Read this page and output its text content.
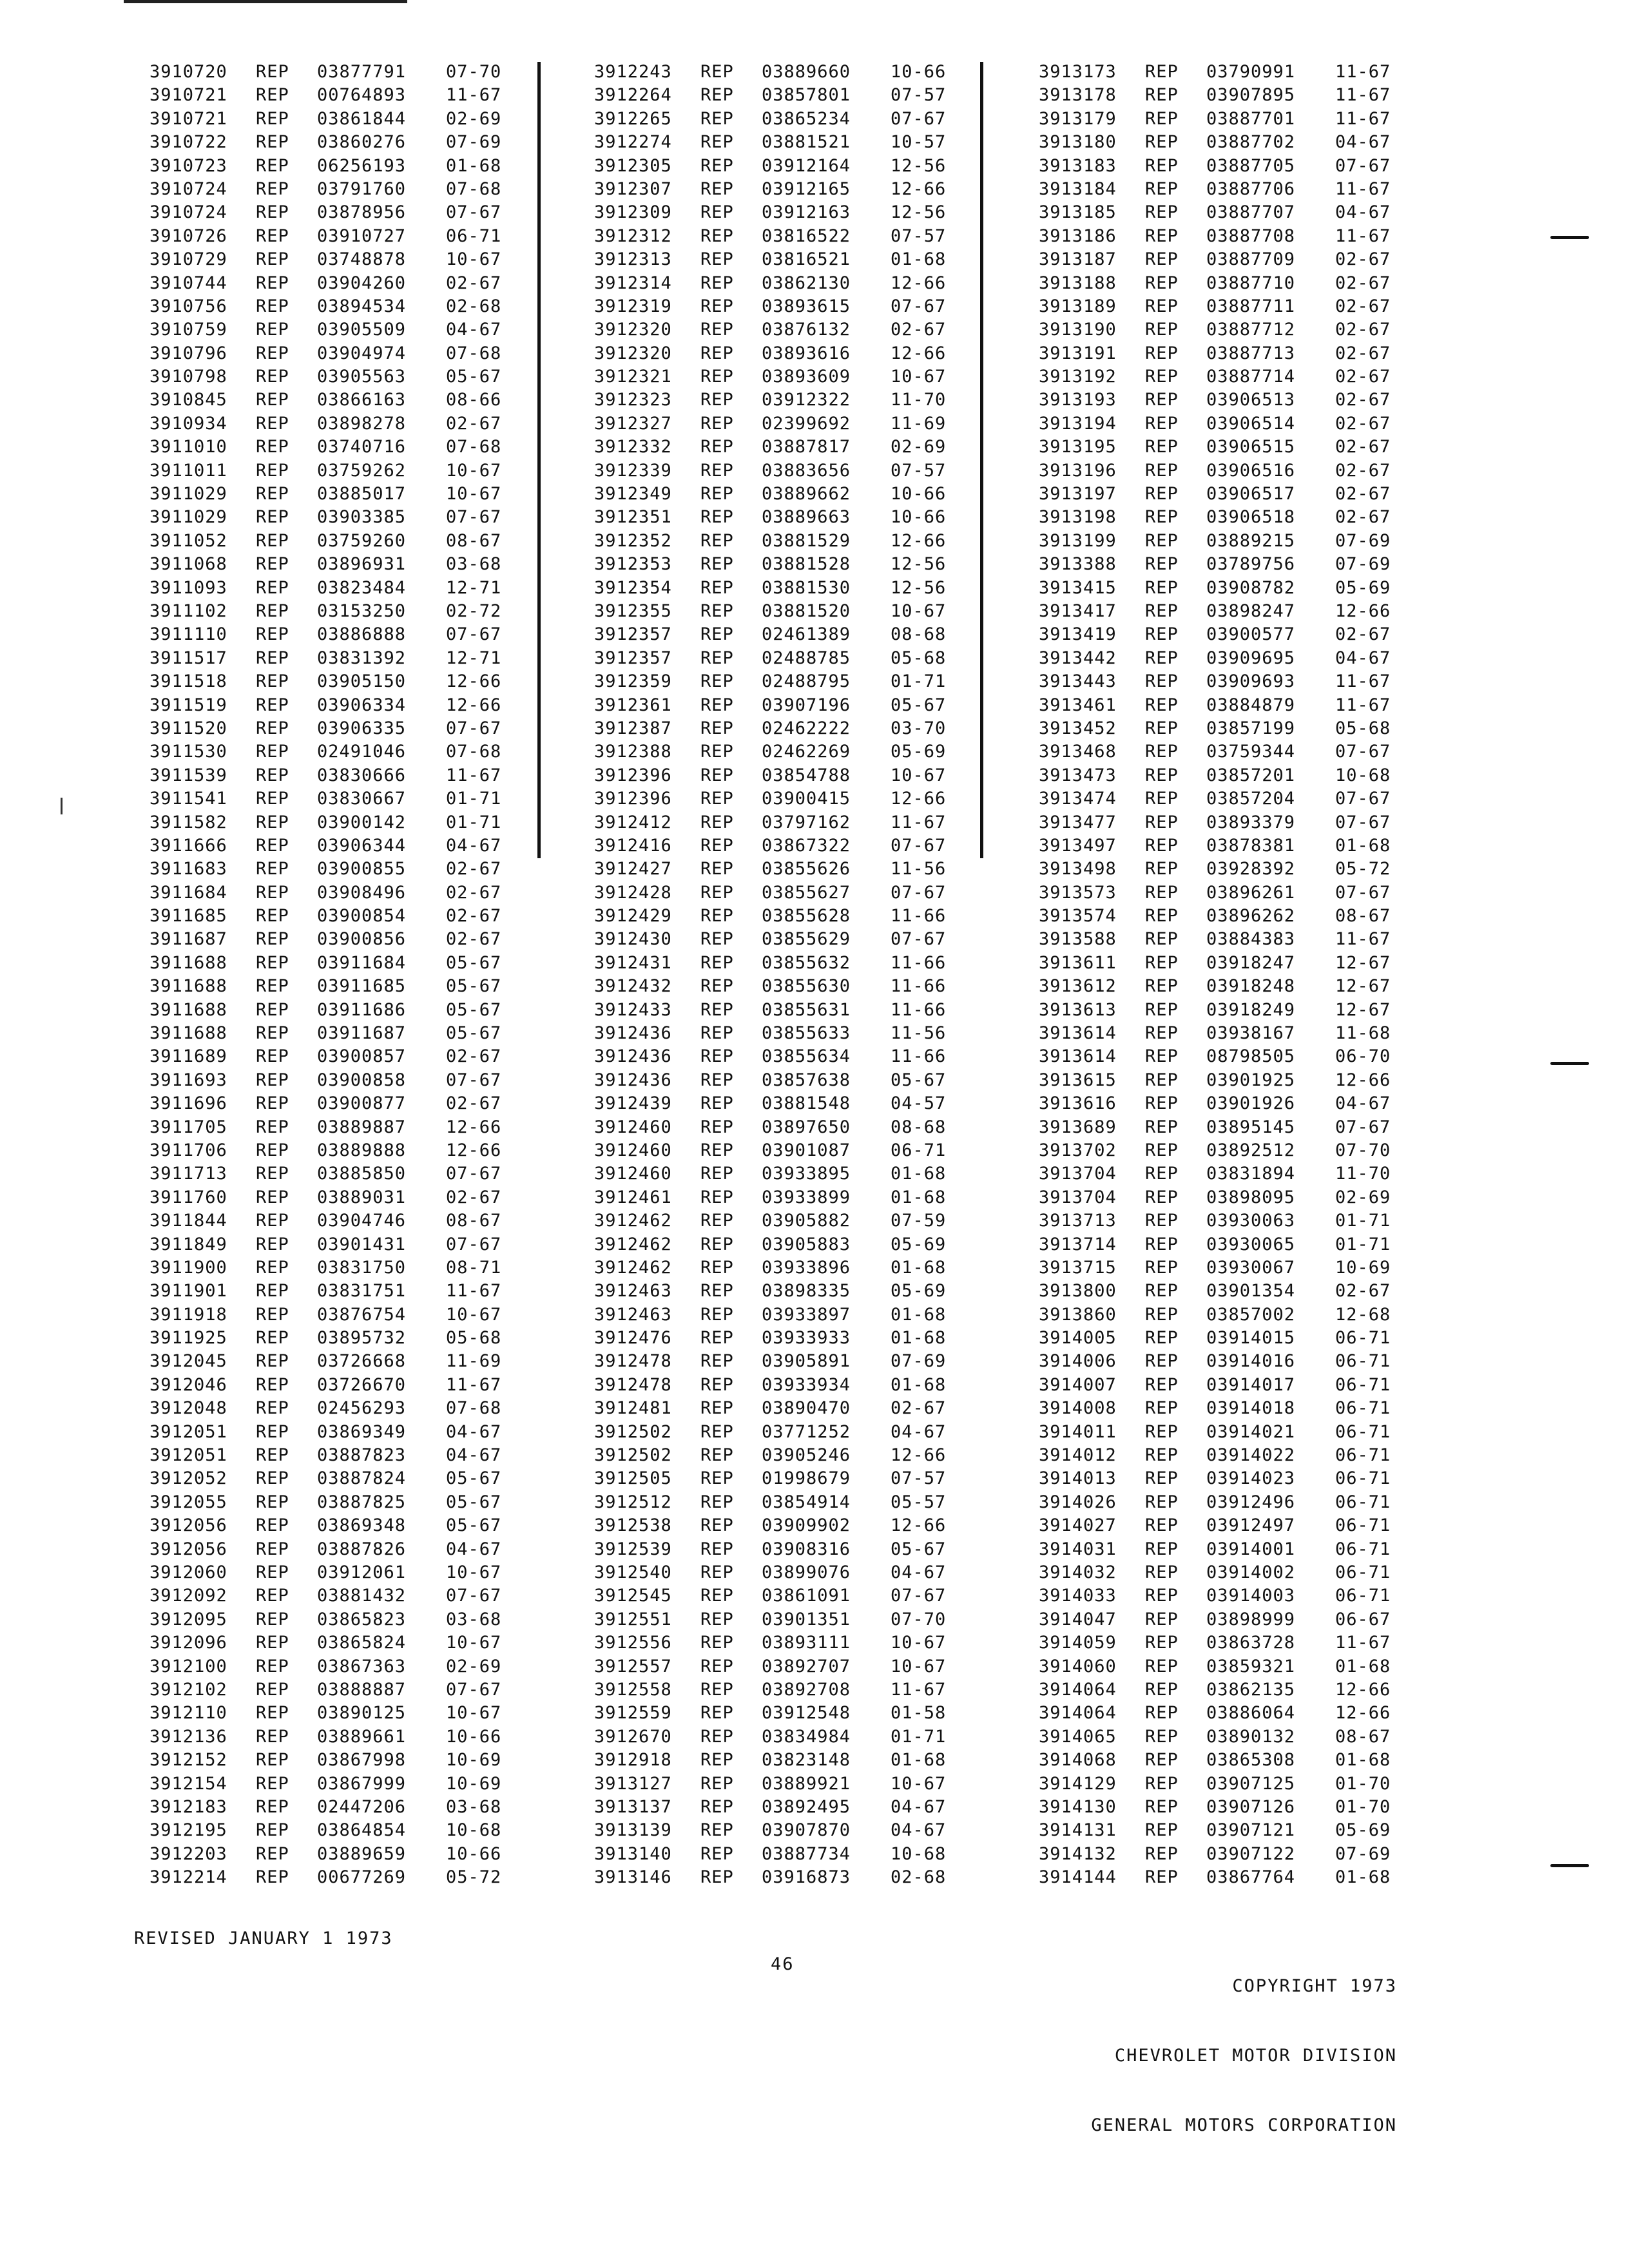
3910720 REP 03877791 07-70
3910721 REP 00764893 11-67
3910721 REP 03861844 02-69
3910722 REP 03860276 07-69
3910723 REP 06256193 01-68
3910724 REP 03791760 07-68
3910724 REP 03878956 07-67
3910726 REP 03910727 06-71
3910729 REP 03748878 10-67
3910744 REP 03904260 02-67
3910756 REP 03894534 02-68
3910759 REP 03905509 04-67
3910796 REP 03904974 07-68
3910798 REP 03905563 05-67
3910845 REP 03866163 08-66
3910934 REP 03898278 02-67
3911010 REP 03740716 07-68
3911011 REP 03759262 10-67
3911029 REP 03885017 10-67
3911029 REP 03903385 07-67
3911052 REP 03759260 08-67
3911068 REP 03896931 03-68
3911093 REP 03823484 12-71
3911102 REP 03153250 02-72
3911110 REP 03886888 07-67
3911517 REP 03831392 12-71
3911518 REP 03905150 12-66
3911519 REP 03906334 12-66
3911520 REP 03906335 07-67
3911530 REP 02491046 07-68
3911539 REP 03830666 11-67
3911541 REP 03830667 01-71
3911582 REP 03900142 01-71
3911666 REP 03906344 04-67
3911683 REP 03900855 02-67
3911684 REP 03908496 02-67
3911685 REP 03900854 02-67
3911687 REP 03900856 02-67
3911688 REP 03911684 05-67
3911688 REP 03911685 05-67
3911688 REP 03911686 05-67
3911688 REP 03911687 05-67
3911689 REP 03900857 02-67
3911693 REP 03900858 07-67
3911696 REP 03900877 02-67
3911705 REP 03889887 12-66
3911706 REP 03889888 12-66
3911713 REP 03885850 07-67
3911760 REP 03889031 02-67
3911844 REP 03904746 08-67
3911849 REP 03901431 07-67
3911900 REP 03831750 08-71
3911901 REP 03831751 11-67
3911918 REP 03876754 10-67
3911925 REP 03895732 05-68
3912045 REP 03726668 11-69
3912046 REP 03726670 11-67
3912048 REP 02456293 07-68
3912051 REP 03869349 04-67
3912051 REP 03887823 04-67
3912052 REP 03887824 05-67
3912055 REP 03887825 05-67
3912056 REP 03869348 05-67
3912056 REP 03887826 04-67
3912060 REP 03912061 10-67
3912092 REP 03881432 07-67
3912095 REP 03865823 03-68
3912096 REP 03865824 10-67
3912100 REP 03867363 02-69
3912102 REP 03888887 07-67
3912110 REP 03890125 10-67
3912136 REP 03889661 10-66
3912152 REP 03867998 10-69
3912154 REP 03867999 10-69
3912183 REP 02447206 03-68
3912195 REP 03864854 10-68
3912203 REP 03889659 10-66
3912214 REP 00677269 05-72
3912243 REP 03889660 10-66
3912264 REP 03857801 07-57
3912265 REP 03865234 07-67
3912274 REP 03881521 10-57
3912305 REP 03912164 12-56
3912307 REP 03912165 12-66
3912309 REP 03912163 12-56
3912312 REP 03816522 07-57
3912313 REP 03816521 01-68
3912314 REP 03862130 12-66
3912319 REP 03893615 07-67
3912320 REP 03876132 02-67
3912320 REP 03893616 12-66
3912321 REP 03893609 10-67
3912323 REP 03912322 11-70
3912327 REP 02399692 11-69
3912332 REP 03887817 02-69
3912339 REP 03883656 07-57
3912349 REP 03889662 10-66
3912351 REP 03889663 10-66
3912352 REP 03881529 12-66
3912353 REP 03881528 12-56
3912354 REP 03881530 12-56
3912355 REP 03881520 10-67
3912357 REP 02461389 08-68
3912357 REP 02488785 05-68
3912359 REP 02488795 01-71
3912361 REP 03907196 05-67
3912387 REP 02462222 03-70
3912388 REP 02462269 05-69
3912396 REP 03854788 10-67
3912396 REP 03900415 12-66
3912412 REP 03797162 11-67
3912416 REP 03867322 07-67
3912427 REP 03855626 11-56
3912428 REP 03855627 07-67
3912429 REP 03855628 11-66
3912430 REP 03855629 07-67
3912431 REP 03855632 11-66
3912432 REP 03855630 11-66
3912433 REP 03855631 11-66
3912436 REP 03855633 11-56
3912436 REP 03855634 11-66
3912436 REP 03857638 05-67
3912439 REP 03881548 04-57
3912460 REP 03897650 08-68
3912460 REP 03901087 06-71
3912460 REP 03933895 01-68
3912461 REP 03933899 01-68
3912462 REP 03905882 07-59
3912462 REP 03905883 05-69
3912462 REP 03933896 01-68
3912463 REP 03898335 05-69
3912463 REP 03933897 01-68
3912476 REP 03933933 01-68
3912478 REP 03905891 07-69
3912478 REP 03933934 01-68
3912481 REP 03890470 02-67
3912502 REP 03771252 04-67
3912502 REP 03905246 12-66
3912505 REP 01998679 07-57
3912512 REP 03854914 05-57
3912538 REP 03909902 12-66
3912539 REP 03908316 05-67
3912540 REP 03899076 04-67
3912545 REP 03861091 07-67
3912551 REP 03901351 07-70
3912556 REP 03893111 10-67
3912557 REP 03892707 10-67
3912558 REP 03892708 11-67
3912559 REP 03912548 01-58
3912670 REP 03834984 01-71
3912918 REP 03823148 01-68
3913127 REP 03889921 10-67
3913137 REP 03892495 04-67
3913139 REP 03907870 04-67
3913140 REP 03887734 10-68
3913146 REP 03916873 02-68
3913173 REP 03790991 11-67
3913178 REP 03907895 11-67
3913179 REP 03887701 11-67
3913180 REP 03887702 04-67
3913183 REP 03887705 07-67
3913184 REP 03887706 11-67
3913185 REP 03887707 04-67
3913186 REP 03887708 11-67
3913187 REP 03887709 02-67
3913188 REP 03887710 02-67
3913189 REP 03887711 02-67
3913190 REP 03887712 02-67
3913191 REP 03887713 02-67
3913192 REP 03887714 02-67
3913193 REP 03906513 02-67
3913194 REP 03906514 02-67
3913195 REP 03906515 02-67
3913196 REP 03906516 02-67
3913197 REP 03906517 02-67
3913198 REP 03906518 02-67
3913199 REP 03889215 07-69
3913388 REP 03789756 07-69
3913415 REP 03908782 05-69
3913417 REP 03898247 12-66
3913419 REP 03900577 02-67
3913442 REP 03909695 04-67
3913443 REP 03909693 11-67
3913461 REP 03884879 11-67
3913452 REP 03857199 05-68
3913468 REP 03759344 07-67
3913473 REP 03857201 10-68
3913474 REP 03857204 07-67
3913477 REP 03893379 07-67
3913497 REP 03878381 01-68
3913498 REP 03928392 05-72
3913573 REP 03896261 07-67
3913574 REP 03896262 08-67
3913588 REP 03884383 11-67
3913611 REP 03918247 12-67
3913612 REP 03918248 12-67
3913613 REP 03918249 12-67
3913614 REP 03938167 11-68
3913614 REP 08798505 06-70
3913615 REP 03901925 12-66
3913616 REP 03901926 04-67
3913689 REP 03895145 07-67
3913702 REP 03892512 07-70
3913704 REP 03831894 11-70
3913704 REP 03898095 02-69
3913713 REP 03930063 01-71
3913714 REP 03930065 01-71
3913715 REP 03930067 10-69
3913800 REP 03901354 02-67
3913860 REP 03857002 12-68
3914005 REP 03914015 06-71
3914006 REP 03914016 06-71
3914007 REP 03914017 06-71
3914008 REP 03914018 06-71
3914011 REP 03914021 06-71
3914012 REP 03914022 06-71
3914013 REP 03914023 06-71
3914026 REP 03912496 06-71
3914027 REP 03912497 06-71
3914031 REP 03914001 06-71
3914032 REP 03914002 06-71
3914033 REP 03914003 06-71
3914047 REP 03898999 06-67
3914059 REP 03863728 11-67
3914060 REP 03859321 01-68
3914064 REP 03862135 12-66
3914064 REP 03886064 12-66
3914065 REP 03890132 08-67
3914068 REP 03865308 01-68
3914129 REP 03907125 01-70
3914130 REP 03907126 01-70
3914131 REP 03907121 05-69
3914132 REP 03907122 07-69
3914144 REP 03867764 01-68
REVISED JANUARY 1 1973
46

COPYRIGHT 1973

CHEVROLET MOTOR DIVISION

GENERAL MOTORS CORPORATION
